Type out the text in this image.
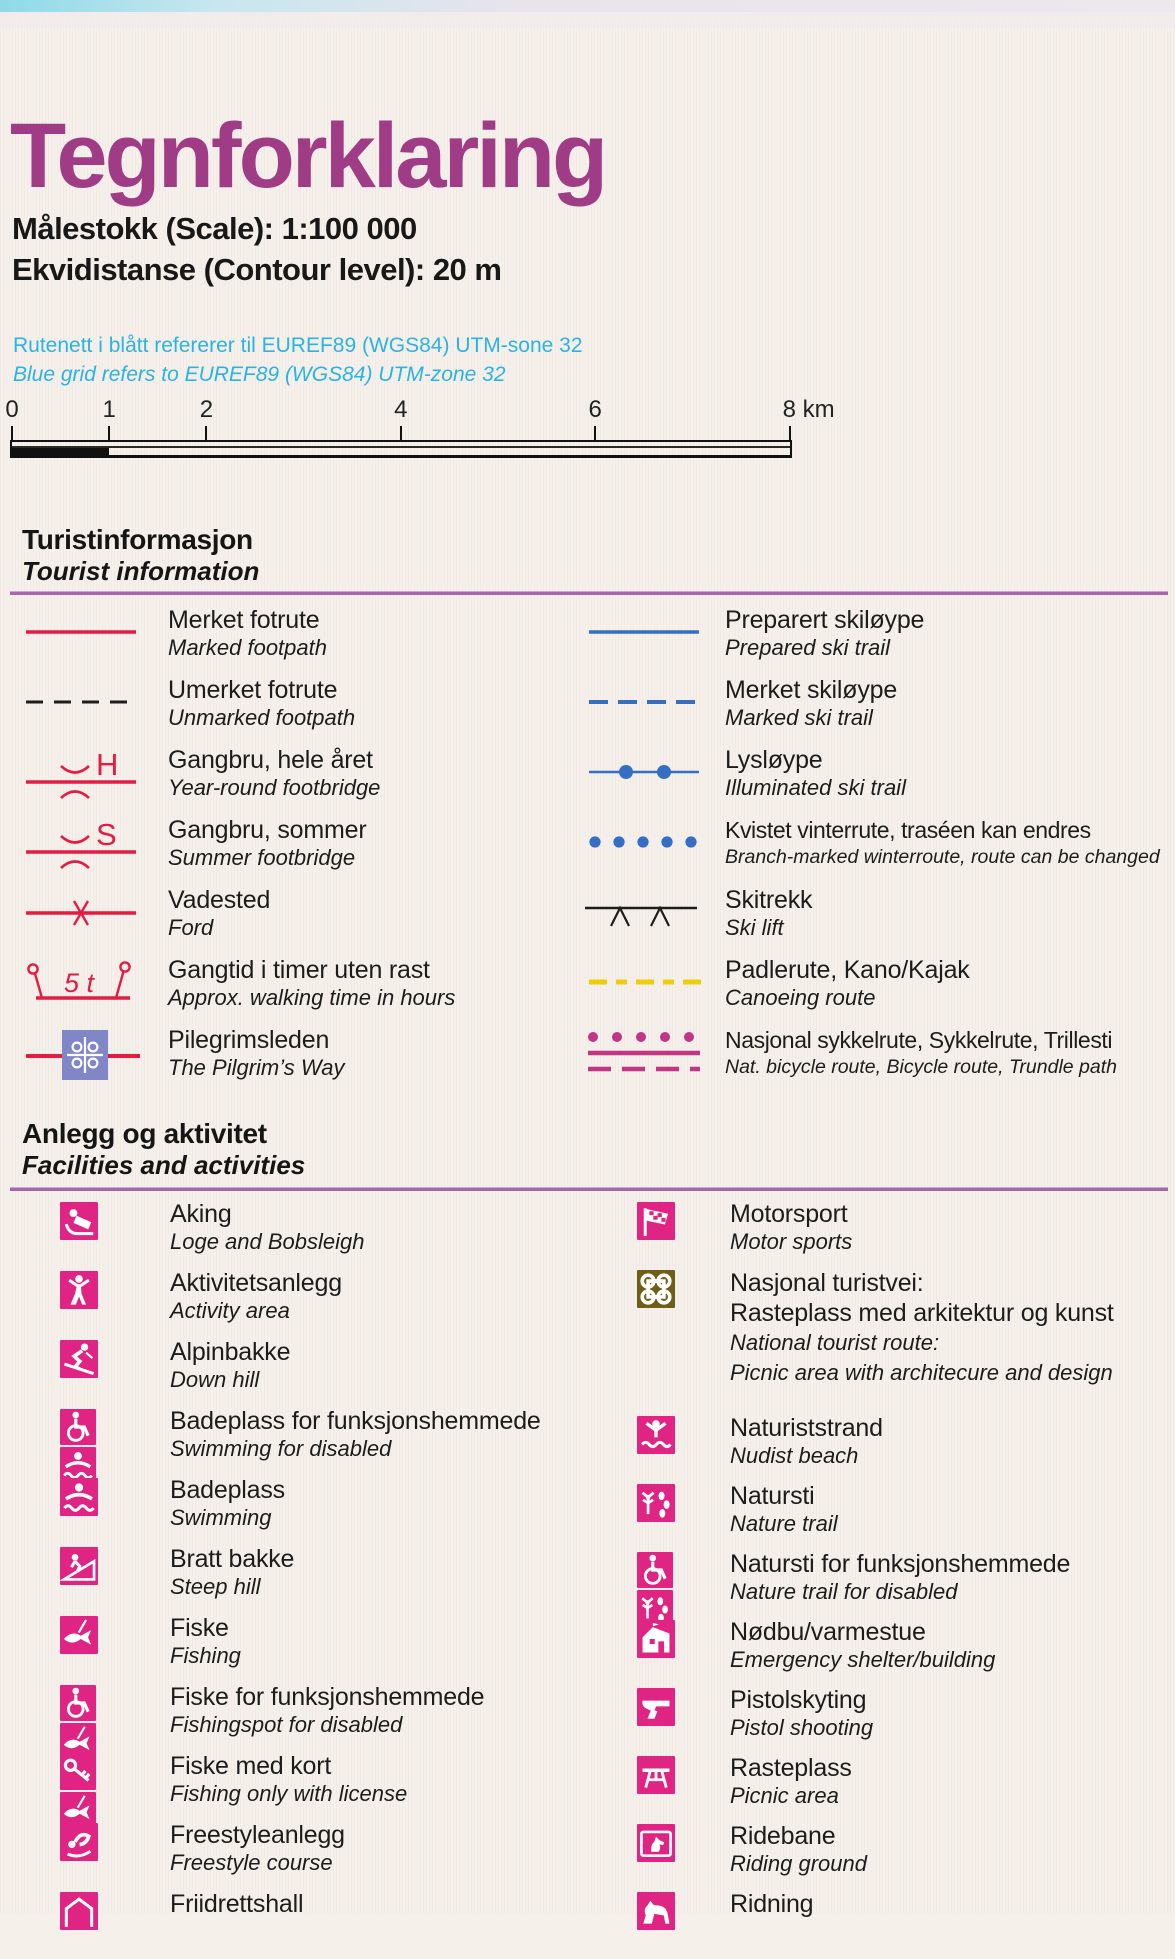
Tegnforklaring
Målestokk (Scale): 1:100 000
Ekvidistanse (Contour level): 20 m
Rutenett i blått refererer til EUREF89 (WGS84) UTM-sone 32
Blue grid refers to EUREF89 (WGS84) UTM-zone 32
0	1	2	4	6	8 km
Turistinformasjon
Tourist information
Merket fotrute
Marked footpath
Umerket fotrute
Unmarked footpath
H Gangbru, hele året
Year-round footbridge
S Gangbru, sommer
Summer footbridge
Vadested
Ford
5 t	Gangtid i timer uten rast
Approx. walking time in hours
Pilegrimsleden
The Pilgrim’s Way
Preparert skiløype
Prepared ski trail
Merket skiløype
Marked ski trail
Lysløype
Illuminated ski trail
Kvistet vinterrute, traséen kan endres
Branch-marked winterroute, route can be changed
Skitrekk
Ski lift
Padlerute, Kano/Kajak
Canoeing route
Nasjonal sykkelrute, Sykkelrute, Trillesti
Nat. bicycle route, Bicycle route, Trundle path
Anlegg og aktivitet
Facilities and activities
Aking
Loge and Bobsleigh
Aktivitetsanlegg
Activity area
Alpinbakke
Down hill
Badeplass for funksjonshemmede
Swimming for disabled
Badeplass
Swimming
Bratt bakke
Steep hill
Fiske
Fishing
Fiske for funksjonshemmede
Fishingspot for disabled
Fiske med kort
Fishing only with license
Freestyleanlegg
Freestyle course
Friidrettshall
Motorsport
Motor sports
Nasjonal turistvei:
Rasteplass med arkitektur og kunst
National tourist route:
Picnic area with architecure and design
Naturiststrand
Nudist beach
Natursti
Nature trail
Natursti for funksjonshemmede
Nature trail for disabled
Nødbu/varmestue
Emergency shelter/building
Pistolskyting
Pistol shooting
Rasteplass
Picnic area
Ridebane
Riding ground
Ridning
